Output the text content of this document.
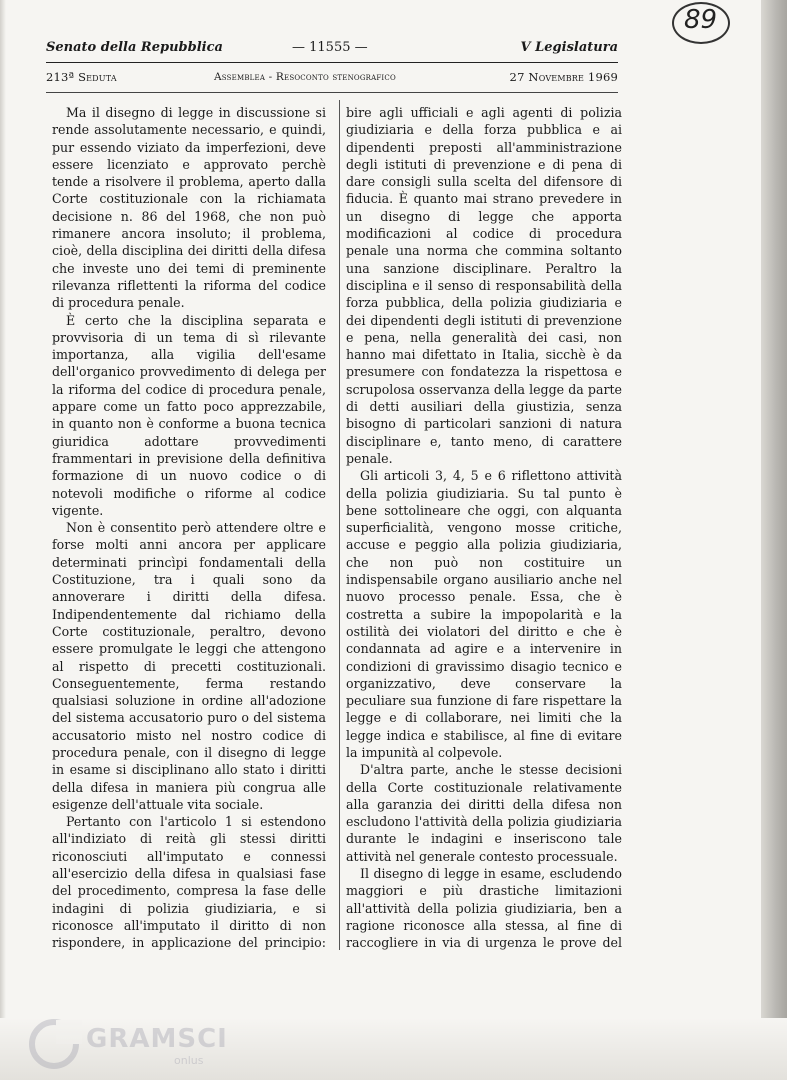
89
Senato della Repubblica	— 11555 —	V Legislatura
213ª Seduta	Assemblea - Resoconto stenografico	27 Novembre 1969

Ma il disegno di legge in discussione si rende assolutamente necessario, e quindi, pur essendo viziato da imperfezioni, deve essere licenziato e approvato perchè tende a risolvere il problema, aperto dalla Corte costituzionale con la richiamata decisione n. 86 del 1968, che non può rimanere ancora insoluto; il problema, cioè, della disciplina dei diritti della difesa che investe uno dei temi di preminente rilevanza riflettenti la riforma del codice di procedura penale.

È certo che la disciplina separata e provvisoria di un tema di sì rilevante importanza, alla vigilia dell'esame dell'organico provvedimento di delega per la riforma del codice di procedura penale, appare come un fatto poco apprezzabile, in quanto non è conforme a buona tecnica giuridica adottare provvedimenti frammentari in previsione della definitiva formazione di un nuovo codice o di notevoli modifiche o riforme al codice vigente.

Non è consentito però attendere oltre e forse molti anni ancora per applicare determinati princìpi fondamentali della Costituzione, tra i quali sono da annoverare i diritti della difesa. Indipendentemente dal richiamo della Corte costituzionale, peraltro, devono essere promulgate le leggi che attengono al rispetto di precetti costituzionali. Conseguentemente, ferma restando qualsiasi soluzione in ordine all'adozione del sistema accusatorio puro o del sistema accusatorio misto nel nostro codice di procedura penale, con il disegno di legge in esame si disciplinano allo stato i diritti della difesa in maniera più congrua alle esigenze dell'attuale vita sociale.

Pertanto con l'articolo 1 si estendono all'indiziato di reità gli stessi diritti riconosciuti all'imputato e connessi all'esercizio della difesa in qualsiasi fase del procedimento, compresa la fase delle indagini di polizia giudiziaria, e si riconosce all'imputato il diritto di non rispondere, in applicazione del principio:

bire agli ufficiali e agli agenti di polizia giudiziaria e della forza pubblica e ai dipendenti preposti all'amministrazione degli istituti di prevenzione e di pena di dare consigli sulla scelta del difensore di fiducia. È quanto mai strano prevedere in un disegno di legge che apporta modificazioni al codice di procedura penale una norma che commina soltanto una sanzione disciplinare. Peraltro la disciplina e il senso di responsabilità della forza pubblica, della polizia giudiziaria e dei dipendenti degli istituti di prevenzione e pena, nella generalità dei casi, non hanno mai difettato in Italia, sicchè è da presumere con fondatezza la rispettosa e scrupolosa osservanza della legge da parte di detti ausiliari della giustizia, senza bisogno di particolari sanzioni di natura disciplinare e, tanto meno, di carattere penale.

Gli articoli 3, 4, 5 e 6 riflettono attività della polizia giudiziaria. Su tal punto è bene sottolineare che oggi, con alquanta superficialità, vengono mosse critiche, accuse e peggio alla polizia giudiziaria, che non può non costituire un indispensabile organo ausiliario anche nel nuovo processo penale. Essa, che è costretta a subire la impopolarità e la ostilità dei violatori del diritto e che è condannata ad agire e a intervenire in condizioni di gravissimo disagio tecnico e organizzativo, deve conservare la peculiare sua funzione di fare rispettare la legge e di collaborare, nei limiti che la legge indica e stabilisce, al fine di evitare la impunità al colpevole.

D'altra parte, anche le stesse decisioni della Corte costituzionale relativamente alla garanzia dei diritti della difesa non escludono l'attività della polizia giudiziaria durante le indagini e inseriscono tale attività nel generale contesto processuale.

Il disegno di legge in esame, escludendo maggiori e più drastiche limitazioni all'attività della polizia giudiziaria, ben a ragione riconosce alla stessa, al fine di raccogliere in via di urgenza le prove del

GRAMSCI
onlus
